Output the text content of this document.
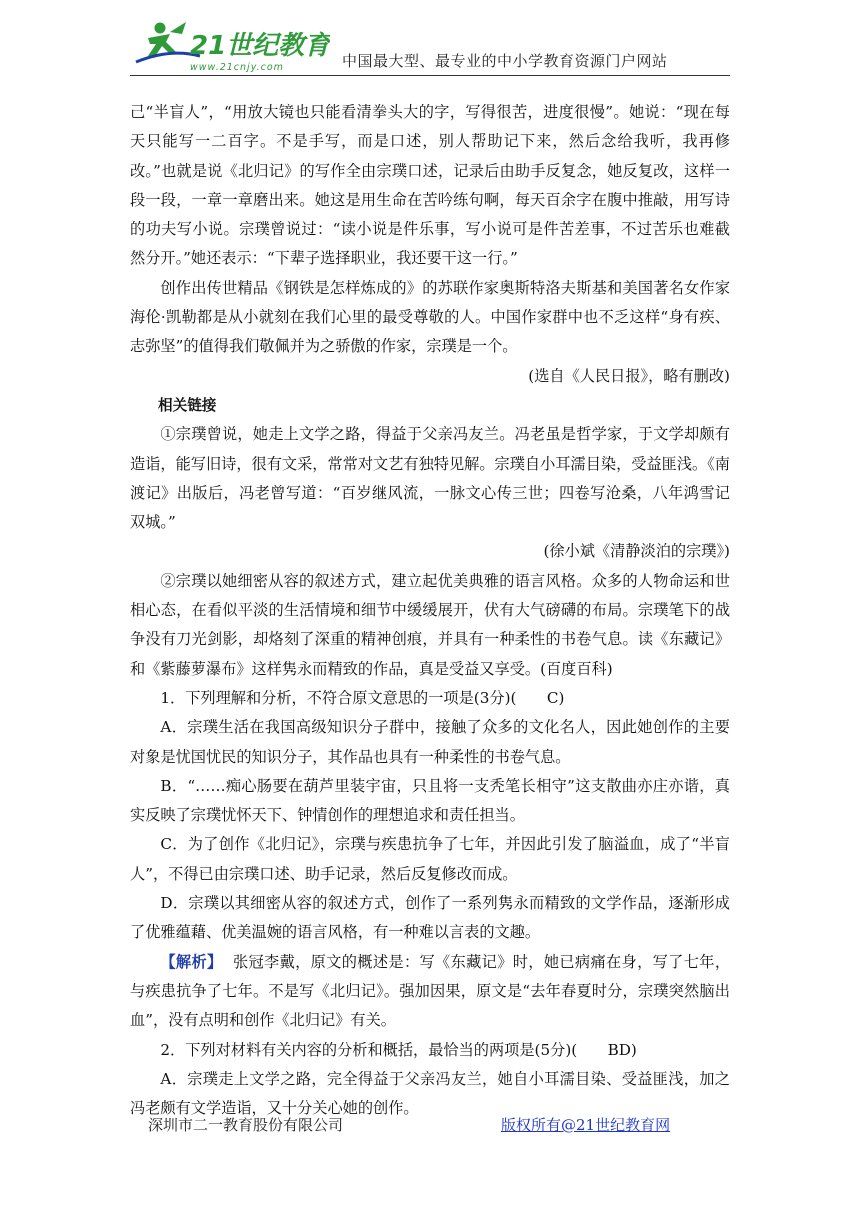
21世纪教育
www.21cnjy.com	中国最大型、最专业的中小学教育资源门户网站

己“半盲人”，“用放大镜也只能看清拳头大的字，写得很苦，进度很慢”。她说：“现在每天只能写一二百字。不是手写，而是口述，别人帮助记下来，然后念给我听，我再修改。”也就是说《北归记》的写作全由宗璞口述，记录后由助手反复念，她反复改，这样一段一段，一章一章磨出来。她这是用生命在苦吟练句啊，每天百余字在腹中推敲，用写诗的功夫写小说。宗璞曾说过：“读小说是件乐事，写小说可是件苦差事，不过苦乐也难截然分开。”她还表示：“下辈子选择职业，我还要干这一行。”

创作出传世精品《钢铁是怎样炼成的》的苏联作家奥斯特洛夫斯基和美国著名女作家海伦·凯勒都是从小就刻在我们心里的最受尊敬的人。中国作家群中也不乏这样“身有疾、志弥坚”的值得我们敬佩并为之骄傲的作家，宗璞是一个。

(选自《人民日报》，略有删改)

相关链接

①宗璞曾说，她走上文学之路，得益于父亲冯友兰。冯老虽是哲学家，于文学却颇有造诣，能写旧诗，很有文采，常常对文艺有独特见解。宗璞自小耳濡目染，受益匪浅。《南渡记》出版后，冯老曾写道：“百岁继风流，一脉文心传三世；四卷写沧桑，八年鸿雪记双城。”

(徐小斌《清静淡泊的宗璞》)

②宗璞以她细密从容的叙述方式，建立起优美典雅的语言风格。众多的人物命运和世相心态，在看似平淡的生活情境和细节中缓缓展开，伏有大气磅礴的布局。宗璞笔下的战争没有刀光剑影，却烙刻了深重的精神创痕，并具有一种柔性的书卷气息。读《东藏记》和《紫藤萝瀑布》这样隽永而精致的作品，真是受益又享受。(百度百科)

1．下列理解和分析，不符合原文意思的一项是(3分)( C)

A．宗璞生活在我国高级知识分子群中，接触了众多的文化名人，因此她创作的主要对象是忧国忧民的知识分子，其作品也具有一种柔性的书卷气息。

B．“……痴心肠要在葫芦里装宇宙，只且将一支秃笔长相守”这支散曲亦庄亦谐，真实反映了宗璞忧怀天下、钟情创作的理想追求和责任担当。

C．为了创作《北归记》，宗璞与疾患抗争了七年，并因此引发了脑溢血，成了“半盲人”，不得已由宗璞口述、助手记录，然后反复修改而成。

D．宗璞以其细密从容的叙述方式，创作了一系列隽永而精致的文学作品，逐渐形成了优雅蕴藉、优美温婉的语言风格，有一种难以言表的文趣。

【解析】 张冠李戴，原文的概述是：写《东藏记》时，她已病痛在身，写了七年，与疾患抗争了七年。不是写《北归记》。强加因果，原文是“去年春夏时分，宗璞突然脑出血”，没有点明和创作《北归记》有关。

2．下列对材料有关内容的分析和概括，最恰当的两项是(5分)( BD)

A．宗璞走上文学之路，完全得益于父亲冯友兰，她自小耳濡目染、受益匪浅，加之冯老颇有文学造诣，又十分关心她的创作。

深圳市二一教育股份有限公司	版权所有@21世纪教育网
